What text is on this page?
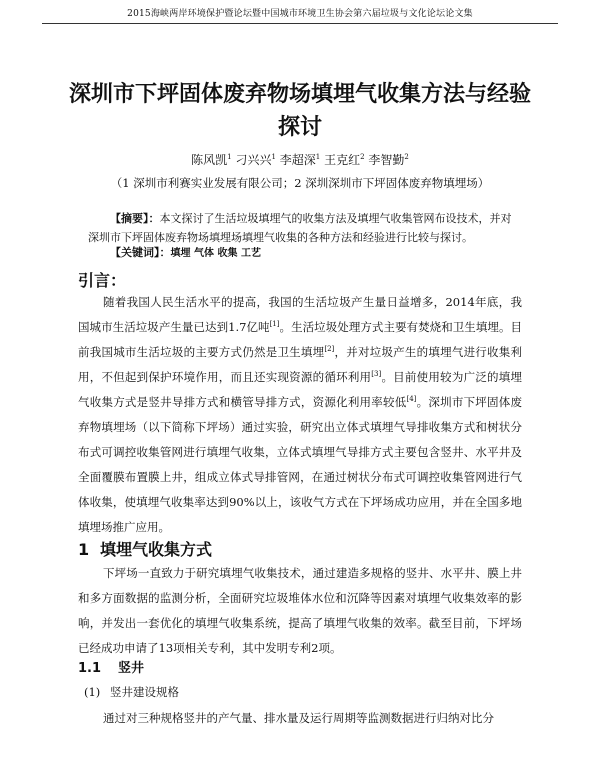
2015海峡两岸环境保护暨论坛暨中国城市环境卫生协会第六届垃圾与文化论坛论文集
深圳市下坪固体废弃物场填埋气收集方法与经验探讨
陈风凯$^1$ 刁兴兴$^1$ 李超深$^1$ 王克红$^2$ 李智勤$^2$
（1 深圳市利赛实业发展有限公司；2 深圳深圳市下坪固体废弃物填埋场）
【摘要】：本文探讨了生活垃圾填埋气的收集方法及填埋气收集管网布设技术，并对深圳市下坪固体废弃物场填埋场填埋气收集的各种方法和经验进行比较与探讨。
【关键词】：填埋 气体 收集 工艺
引言：

随着我国人民生活水平的提高，我国的生活垃圾产生量日益增多，2014年底，我国城市生活垃圾产生量已达到1.7亿吨[1]。生活垃圾处理方式主要有焚烧和卫生填埋。目前我国城市生活垃圾的主要方式仍然是卫生填埋[2]，并对垃圾产生的填埋气进行收集利用，不但起到保护环境作用，而且还实现资源的循环利用[3]。目前使用较为广泛的填埋气收集方式是竖井导排方式和横管导排方式，资源化利用率较低[4]。深圳市下坪固体废弃物填埋场（以下简称下坪场）通过实验，研究出立体式填埋气导排收集方式和树状分布式可调控收集管网进行填埋气收集，立体式填埋气导排方式主要包含竖井、水平井及全面覆膜布置膜上井，组成立体式导排管网，在通过树状分布式可调控收集管网进行气体收集，使填埋气收集率达到90%以上，该收气方式在下坪场成功应用，并在全国多地填埋场推广应用。

1 填埋气收集方式

下坪场一直致力于研究填埋气收集技术，通过建造多规格的竖井、水平井、膜上井和多方面数据的监测分析，全面研究垃圾堆体水位和沉降等因素对填埋气收集效率的影响，并发出一套优化的填埋气收集系统，提高了填埋气收集的效率。截至目前，下坪场已经成功申请了13项相关专利，其中发明专利2项。

1.1 竖井
(1) 竖井建设规格

通过对三种规格竖井的产气量、排水量及运行周期等监测数据进行归纳对比分
